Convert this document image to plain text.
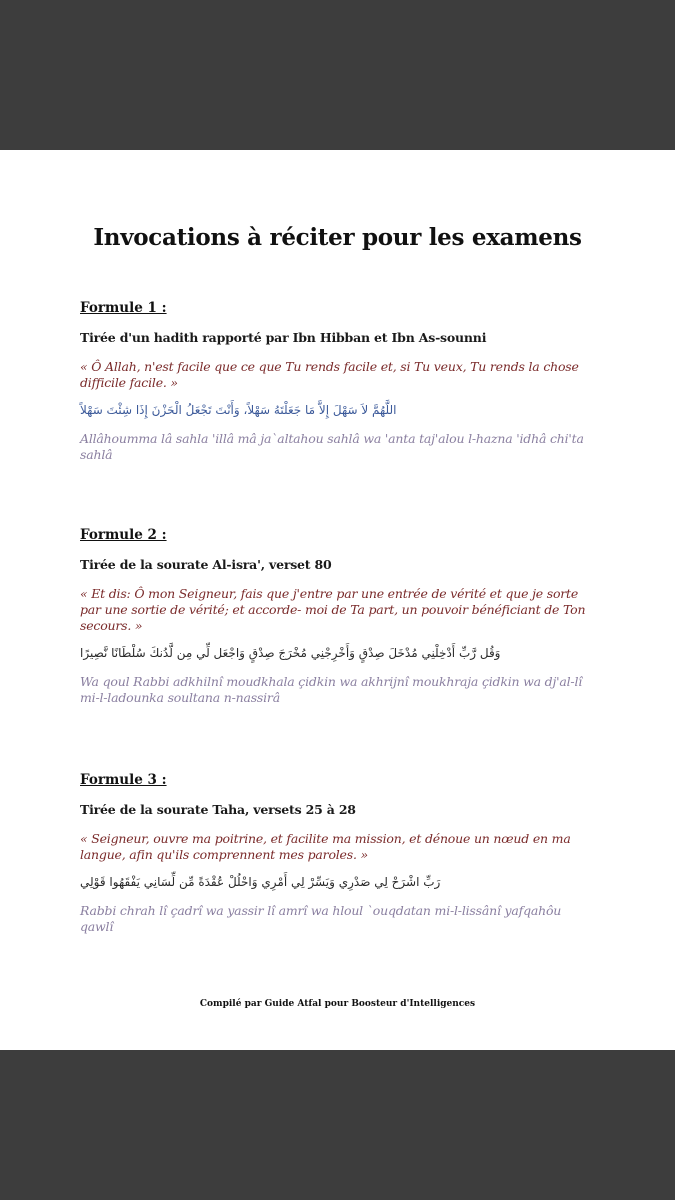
Invocations à réciter pour les examens

Formule 1 :

Tirée d'un hadith rapporté par Ibn Hibban et Ibn As-sounni

« Ô Allah, n'est facile que ce que Tu rends facile et, si Tu veux, Tu rends la chose difficile facile. »

اللَّهُمَّ لاَ سَهْلَ إِلاَّ مَا جَعَلْتَهُ سَهْلاً، وَأَنْتَ تَجْعَلُ الْحَزْنَ إِذَا شِئْتَ سَهْلاً

Allâhoumma lâ sahla 'illâ mâ ja`altahou sahlâ wa 'anta taj'alou l-hazna 'idhâ chi'ta sahlâ

Formule 2 :

Tirée de la sourate Al-isra', verset 80

« Et dis: Ô mon Seigneur, fais que j'entre par une entrée de vérité et que je sorte par une sortie de vérité; et accorde- moi de Ta part, un pouvoir bénéficiant de Ton secours. »

وَقُل رَّبِّ أَدْخِلْنِي مُدْخَلَ صِدْقٍ وَأَخْرِجْنِي مُخْرَجَ صِدْقٍ وَاجْعَل لِّي مِن لَّدُنكَ سُلْطَانًا نَّصِيرًا

Wa qoul Rabbi adkhilnî moudkhala çidkin wa akhrijnî moukhraja çidkin wa dj'al-lî mi-l-ladounka soultana n-nassirâ

Formule 3 :

Tirée de la sourate Taha, versets 25 à 28

« Seigneur, ouvre ma poitrine, et facilite ma mission, et dénoue un nœud en ma langue, afin qu'ils comprennent mes paroles. »

رَبِّ اشْرَحْ لِي صَدْرِي وَيَسِّرْ لِي أَمْرِي وَاحْلُلْ عُقْدَةً مِّن لِّسَانِي يَفْقَهُوا قَوْلِي

Rabbi chrah lî çadrî wa yassir lî amrî wa hloul `ouqdatan mi-l-lissânî yafqahôu qawlî

Compilé par Guide Atfal pour Boosteur d'Intelligences
